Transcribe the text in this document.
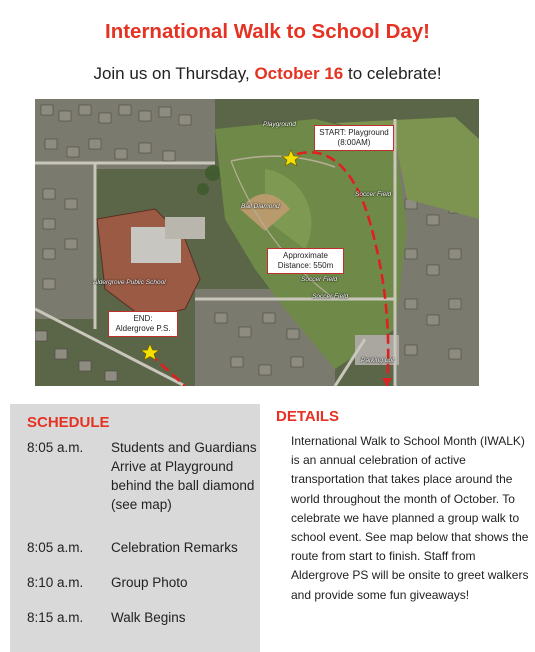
International Walk to School Day!
Join us on Thursday, October 16 to celebrate!
Playground
Ball Diamond
Soccer Field
Soccer Field
Soccer Field
Aldergrove Public School
Parking Lot
START: Playground
(8:00AM)
Approximate
Distance: 550m
END:
Aldergrove P.S.
SCHEDULE
8:05 a.m. Students and Guardians Arrive at Playground behind the ball diamond (see map)
8:05 a.m. Celebration Remarks
8:10 a.m. Group Photo
8:15 a.m. Walk Begins
DETAILS
International Walk to School Month (IWALK) is an annual celebration of active transportation that takes place around the world throughout the month of October. To celebrate we have planned a group walk to school event. See map below that shows the route from start to finish. Staff from Aldergrove PS will be onsite to greet walkers and provide some fun giveaways!
